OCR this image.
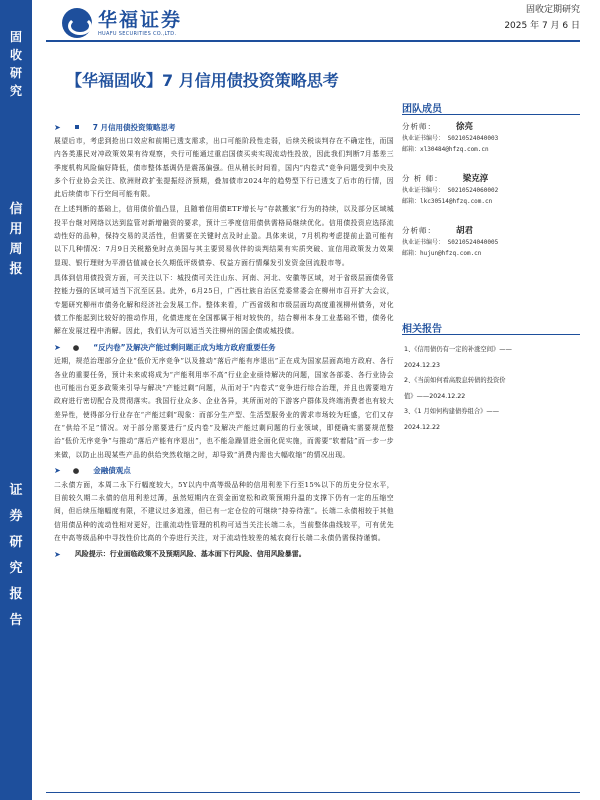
固
收
研
究
信
用
周
报
证
券
研
究
报
告
华福证券
HUAFU SECURITIES CO.,LTD.
固收定期研究
2025 年 7 月 6 日
【华福固收】7 月信用债投资策略思考
团队成员
➤	7 月信用债投资策略思考

展望后市，考虑到抢出口效应和前期已透支需求，出口可能阶段性走弱，后续关税谈判存在不确定性，而国内各类惠民对冲政策效果有待观察，央行可能通过重启国债买卖实现流动性投放，因此我们判断7月基差三季度机构风险偏好降低，债市整体基调仍是震荡偏强。但从稍长时间看，国内“内卷式”竞争问题受到中央及多个行业协会关注、欧洲财政扩张提振经济预期，叠加债市2024年的趋势型下行已透支了后市的行情，因此后续债市下行空间可能有限。

在上述判断的基础上，信用债价值凸显，且随着信用债ETF增长与“存款搬家”行为的持续，以及部分区域城投平台继对网络以达到监管对新增融资的要求，预计三季度信用债供需格局继续优化。信用债投资应选择流动性好的品种，保持交易的灵活性，但需要在关键时点及时止盈。具体来说，7月机构考虑提前止盈可能有以下几种情况：7月9日关税豁免时点美国与其主要贸易伙伴的谈判结果有实质突破、宣信用政策发力效果显现、银行理财为平滑估值减仓长久期低评级债券、权益方面行情爆发引发资金回流股市等。

具体到信用债投资方面，可关注以下：城投债可关注山东、河南、河北、安徽等区域，对于省级层面债务管控能力强的区域可适当下沉至区县。此外，6月25日，广西壮族自治区党委常委会在柳州市召开扩大会议，专题研究柳州市债务化解和经济社会发展工作。整体来看，广西省级和市级层面均高度重视柳州债务，对化债工作能起到比较好的推动作用，化债进度在全国都属于相对较快的，结合柳州本身工业基础不错，债务化解在发展过程中消解。因此，我们认为可以适当关注柳州的国企债或城投债。

➤ ● “反内卷”及解决产能过剩问题正成为地方政府重要任务

近期，规范治理部分企业“低价无序竞争”以及推动“落后产能有序退出”正在成为国家层面高地方政府、各行各业的重要任务，预计未来或将成为“产能利用率不高”行业企业亟待解决的问题，国家各部委、各行业协会也可能出台更多政策来引导与解决“产能过剩”问题，从而对于“内卷式”竞争进行综合治理，并且也需要地方政府进行密切配合及贯彻落实。我国行业众多、企业各异，其所面对的下游客户群体及终端消费者也有较大差异性，使得部分行业存在“产能过剩”现象：而部分生产型、生活型服务业的需求市场较为旺盛，它们又存在“供给不足”情况。对于部分需要进行“反内卷”及解决产能过剩问题的行业领域，即便确实需要规范整治“低价无序竞争”与推动“落后产能有序退出”，也不能急躁冒进全面化促实施，而需要“软着陆”而一步一步来做，以防止出现某些产品的供给突然收缩之时，却导致“消费内需也大幅收缩”的情况出现。

➤ ● 金融债观点

二永债方面，本周二永下行幅度较大，5Y以内中高等级品种的信用利差下行至15%以下的历史分位水平，目前较久期二永债的信用利差过薄，虽然短期内在资金面宽松和政策预期升温的支撑下仍有一定的压缩空间，但后续压缩幅度有限，不建议过多追涨，但已有一定仓位的可继续“持券待涨”。长端二永债相较于其他信用债品种的流动性相对更好，注重流动性管理的机构可适当关注长端二永，当前整体曲线较平，可有优先在中高等级品种中寻找性价比高的个券进行关注，对于流动性较差的城农商行长端二永债仍需保持谨慎。

➤ 风险提示：行业面临政策不及预期风险、基本面下行风险、信用风险暴雷。
分析师： 徐亮
执业证书编号： S0210524040003
邮箱：xl30484@hfzq.com.cn
分 析 师： 梁克淳
执业证书编号： S0210524060002
邮箱：lkc30514@hfzq.com.cn
分析师： 胡君
执业证书编号： S0210524040005
邮箱：hujun@hfzq.com.cn
相关报告
1、《信用债仍有一定的补涨空间》——
2024.12.23
2、《当前如何看高股息转债的投资价
值》——2024.12.22
3、《1 月如何构建债券组合》——
2024.12.22
